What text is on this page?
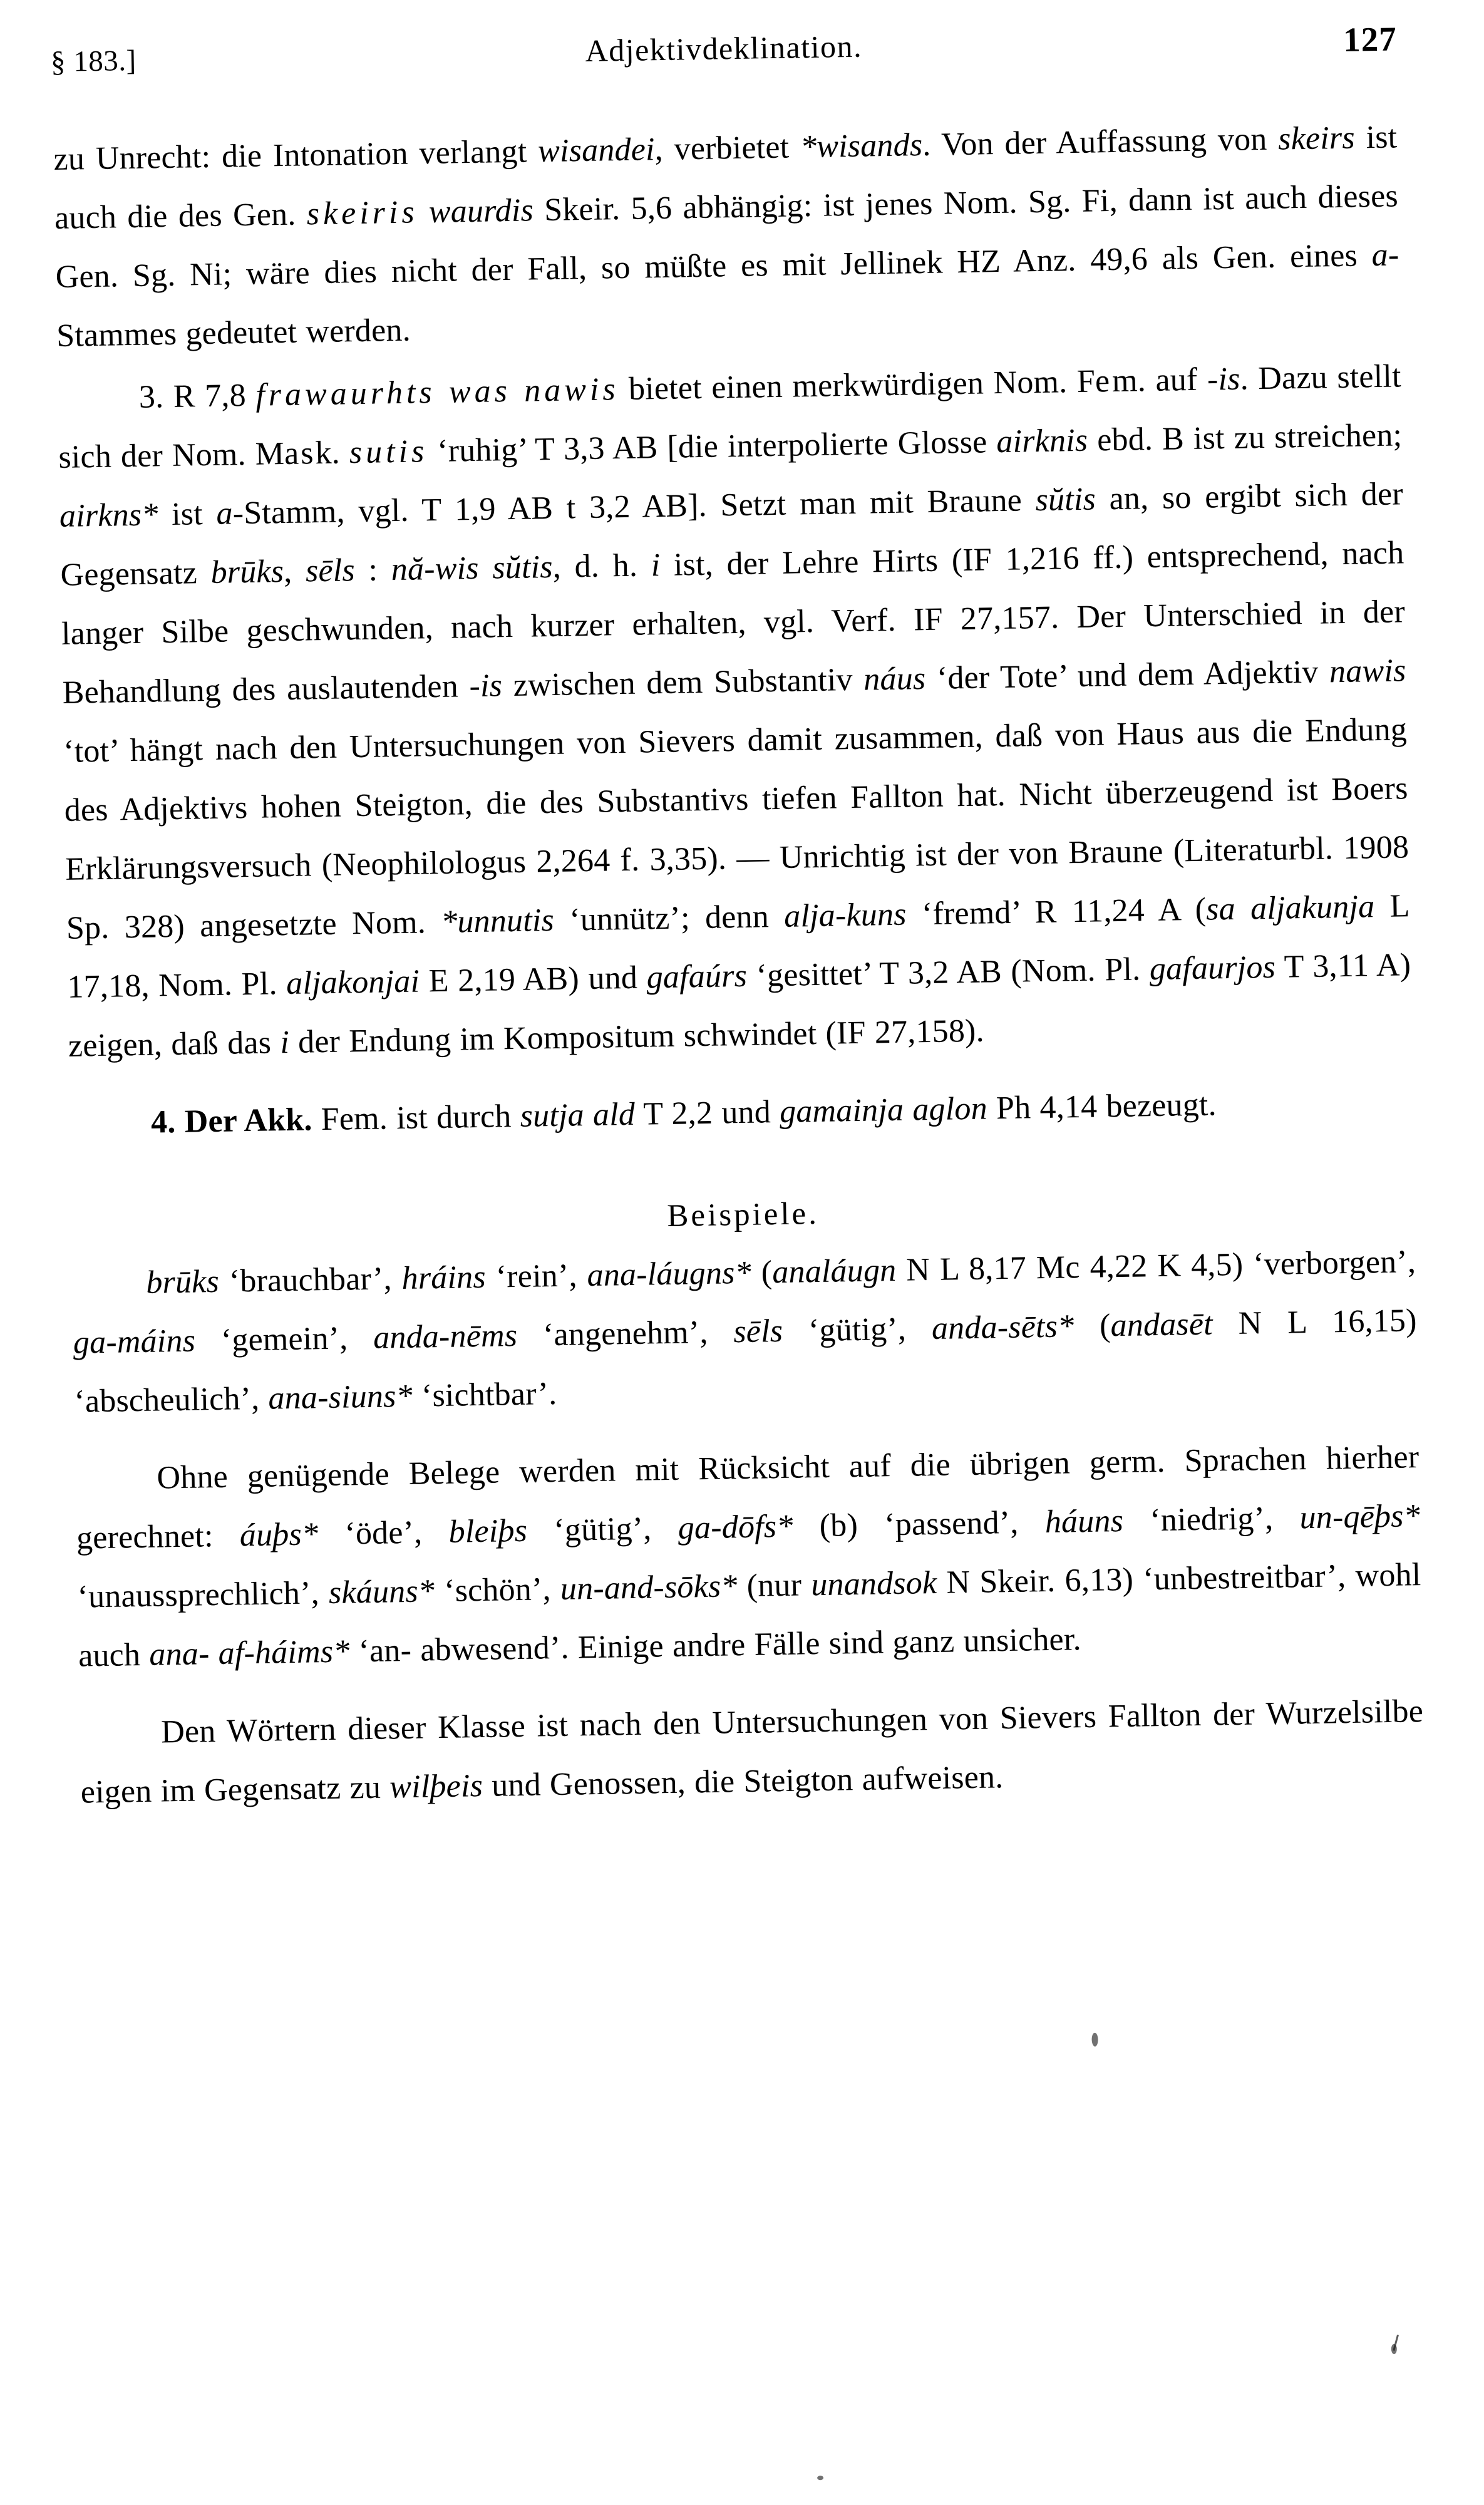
§ 183.]	Adjektivdeklination.	127

zu Unrecht: die Intonation verlangt wisandei, verbietet *wisands. Von der Auffassung von skeirs ist auch die des Gen. skeiris waurdis Skeir. 5,6 abhängig: ist jenes Nom. Sg. Fi, dann ist auch dieses Gen. Sg. Ni; wäre dies nicht der Fall, so müßte es mit Jellinek HZ Anz. 49,6 als Gen. eines a-Stammes gedeutet werden.

3. R 7,8 frawaurhts was nawis bietet einen merkwürdigen Nom. Fem. auf -is. Dazu stellt sich der Nom. Mask. sutis ‘ruhig’ T 3,3 AB [die interpolierte Glosse airknis ebd. B ist zu streichen; airkns* ist a-Stamm, vgl. T 1,9 AB t 3,2 AB]. Setzt man mit Braune sŭtis an, so ergibt sich der Gegensatz brūks, sēls : nă-wis sŭtis, d. h. i ist, der Lehre Hirts (IF 1,216 ff.) entsprechend, nach langer Silbe geschwunden, nach kurzer erhalten, vgl. Verf. IF 27,157. Der Unterschied in der Behandlung des auslautenden -is zwischen dem Substantiv náus ‘der Tote’ und dem Adjektiv nawis ‘tot’ hängt nach den Untersuchungen von Sievers damit zusammen, daß von Haus aus die Endung des Adjektivs hohen Steigton, die des Substantivs tiefen Fallton hat. Nicht überzeugend ist Boers Erklärungsversuch (Neophilologus 2,264 f. 3,35). — Unrichtig ist der von Braune (Literaturbl. 1908 Sp. 328) angesetzte Nom. *unnutis ‘unnütz’; denn alja-kuns ‘fremd’ R 11,24 A (sa aljakunja L 17,18, Nom. Pl. aljakonjai E 2,19 AB) und gafaúrs ‘gesittet’ T 3,2 AB (Nom. Pl. gafaurjos T 3,11 A) zeigen, daß das i der Endung im Kompositum schwindet (IF 27,158).

4. Der Akk. Fem. ist durch sutja ald T 2,2 und gamainja aglon Ph 4,14 bezeugt.

Beispiele.

brūks ‘brauchbar’, hráins ‘rein’, ana-láugns* (analáugn N L 8,17 Mc 4,22 K 4,5) ‘verborgen’, ga-máins ‘gemein’, anda-nēms ‘angenehm’, sēls ‘gütig’, anda-sēts* (andasēt N L 16,15) ‘abscheulich’, ana-siuns* ‘sichtbar’.

Ohne genügende Belege werden mit Rücksicht auf die übrigen germ. Sprachen hierher gerechnet: áuþs* ‘öde’, bleiþs ‘gütig’, ga-dōfs* (b) ‘passend’, háuns ‘niedrig’, un-qēþs* ‘unaussprechlich’, skáuns* ‘schön’, un-and-sōks* (nur unandsok N Skeir. 6,13) ‘unbestreitbar’, wohl auch ana- af-háims* ‘an- abwesend’. Einige andre Fälle sind ganz unsicher.

Den Wörtern dieser Klasse ist nach den Untersuchungen von Sievers Fallton der Wurzelsilbe eigen im Gegensatz zu wilþeis und Genossen, die Steigton aufweisen.
